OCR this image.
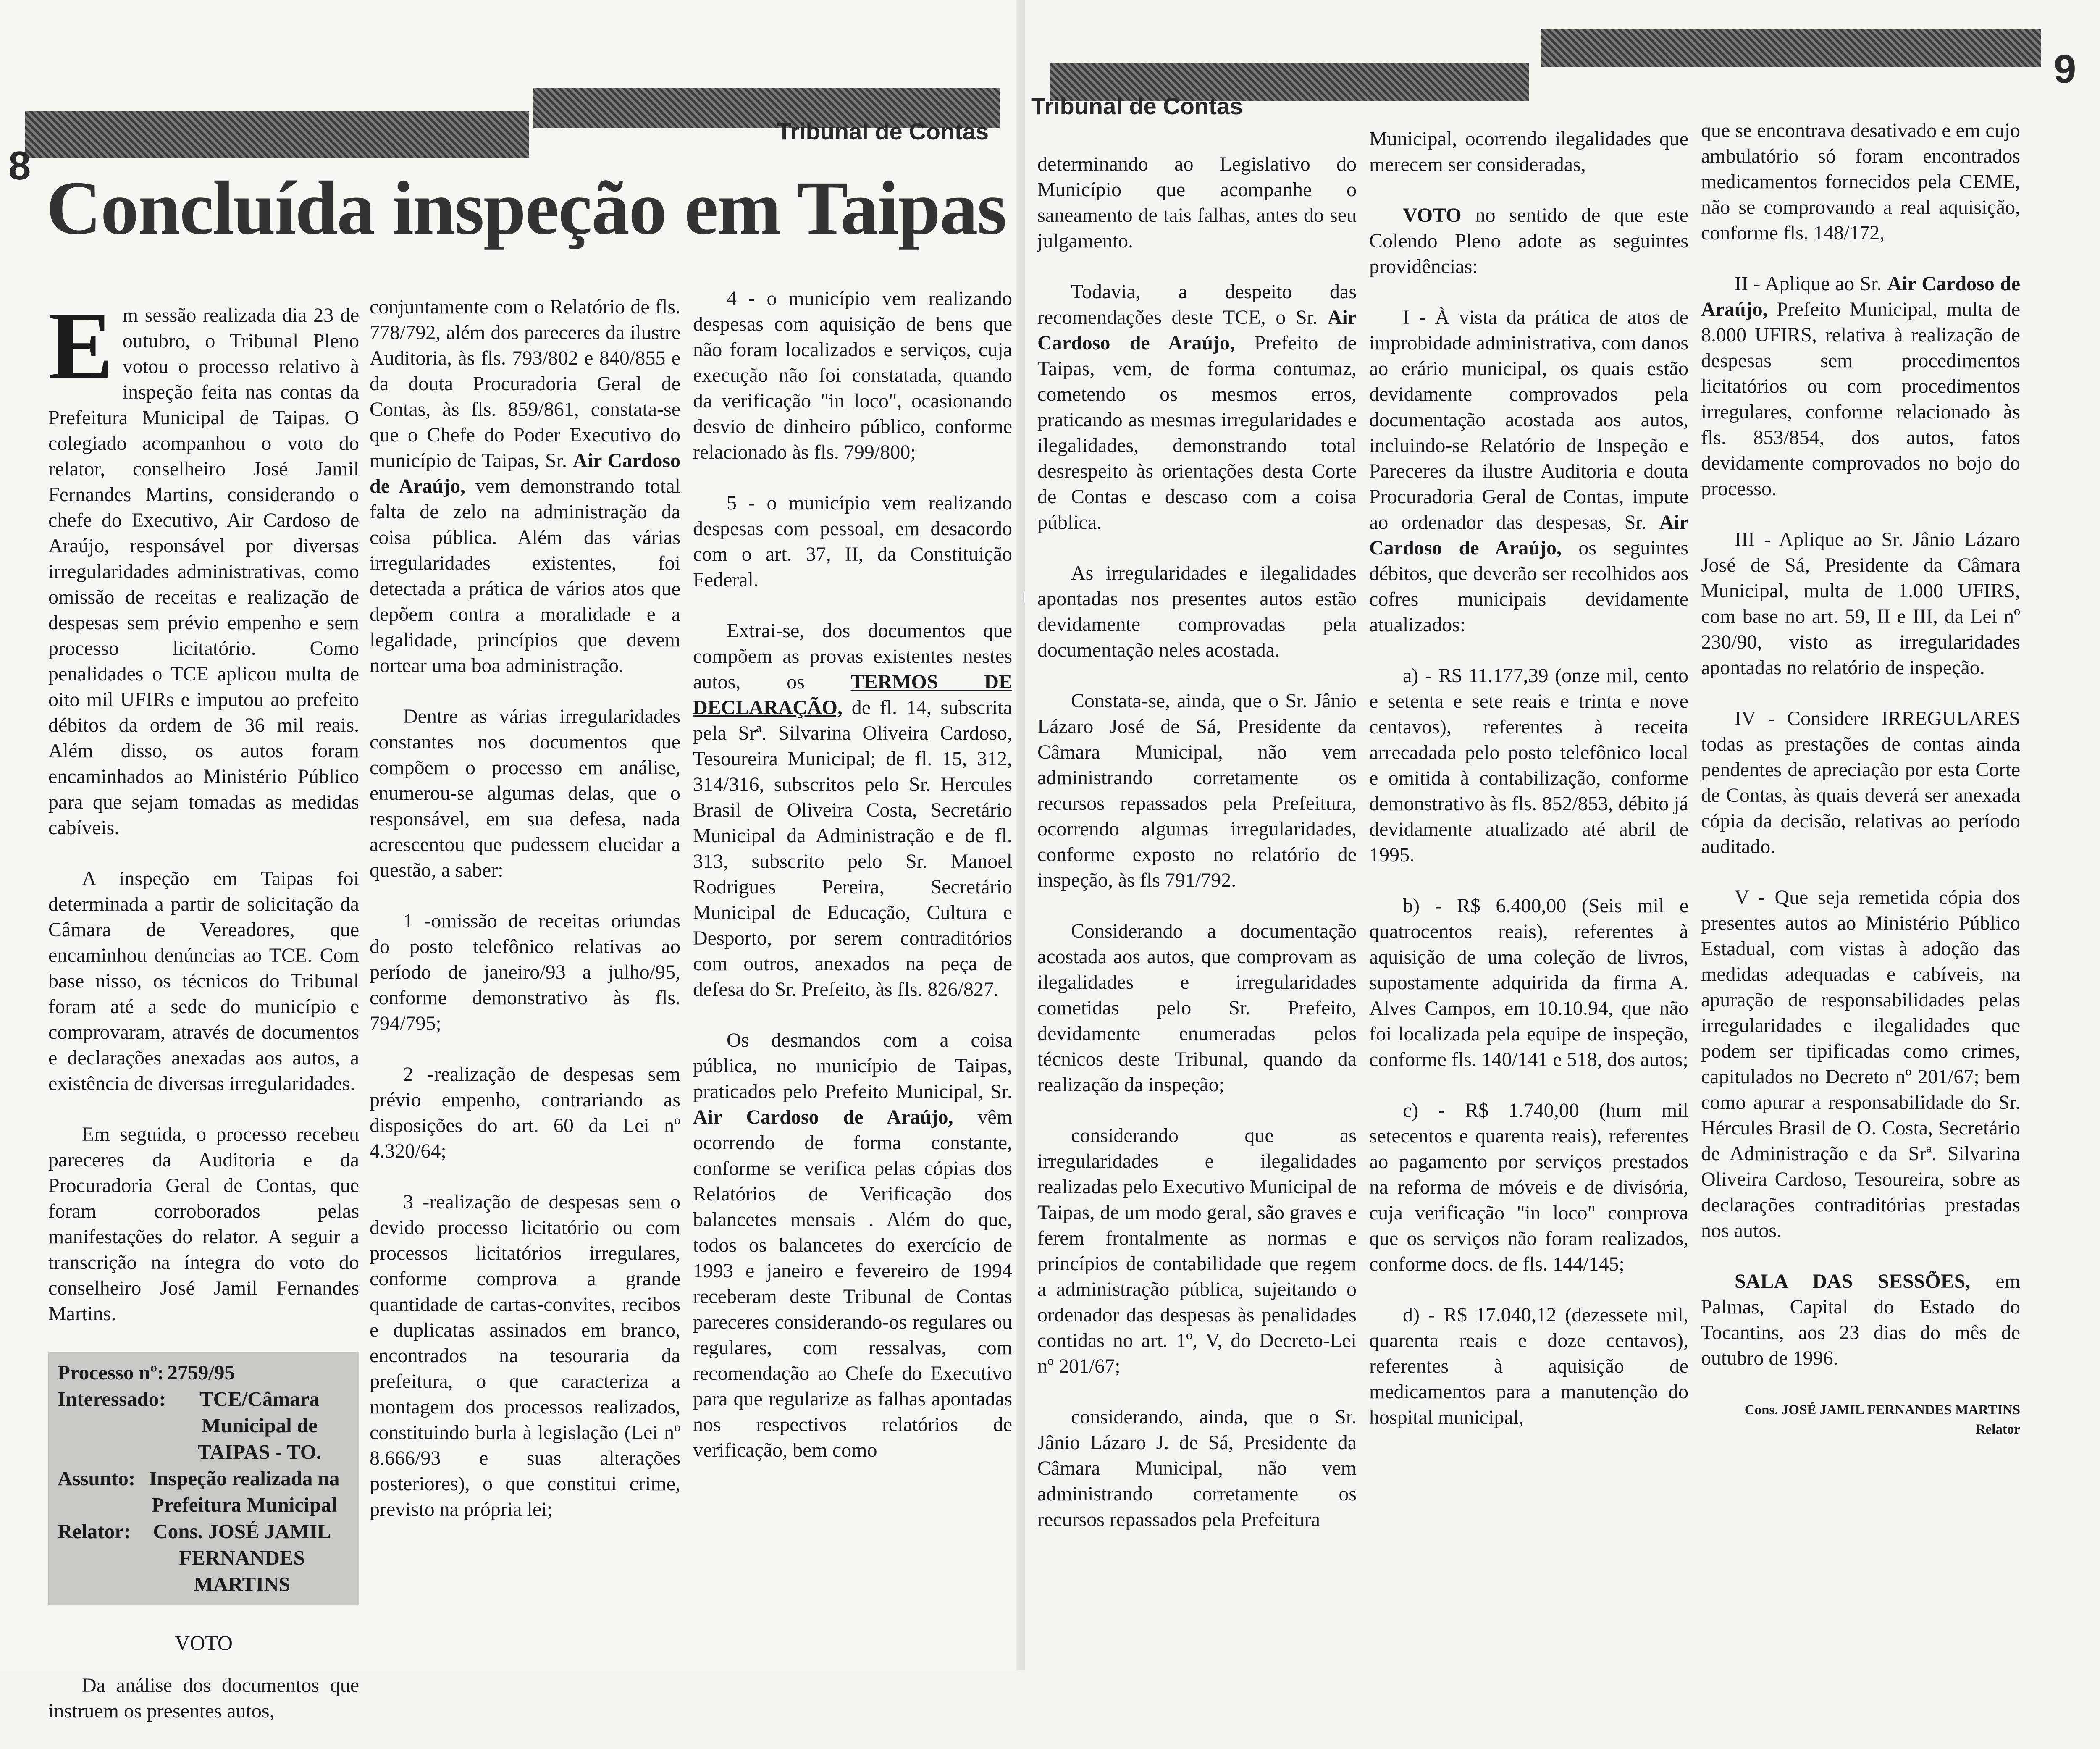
8
Tribunal de Contas
Concluída inspeção em Taipas

Em sessão realizada dia 23 de outubro, o Tribunal Pleno votou o processo relativo à inspeção feita nas contas da Prefeitura Municipal de Taipas. O colegiado acompanhou o voto do relator, conselheiro José Jamil Fernandes Martins, considerando o chefe do Executivo, Air Cardoso de Araújo, responsável por diversas irregularidades administrativas, como omissão de receitas e realização de despesas sem prévio empenho e sem processo licitatório. Como penalidades o TCE aplicou multa de oito mil UFIRs e imputou ao prefeito débitos da ordem de 36 mil reais. Além disso, os autos foram encaminhados ao Ministério Público para que sejam tomadas as medidas cabíveis.

A inspeção em Taipas foi determinada a partir de solicitação da Câmara de Vereadores, que encaminhou denúncias ao TCE. Com base nisso, os técnicos do Tribunal foram até a sede do município e comprovaram, através de documentos e declarações anexadas aos autos, a existência de diversas irregularidades.

Em seguida, o processo recebeu pareceres da Auditoria e da Procuradoria Geral de Contas, que foram corroborados pelas manifestações do relator. A seguir a transcrição na íntegra do voto do conselheiro José Jamil Fernandes Martins.

Processo nº: 2759/95
Interessado:	TCE/Câmara Municipal de TAIPAS - TO.
Assunto: Inspeção realizada na Prefeitura Municipal
Relator:	Cons. JOSÉ JAMIL FERNANDES MARTINS
VOTO

Da análise dos documentos que instruem os presentes autos,

conjuntamente com o Relatório de fls. 778/792, além dos pareceres da ilustre Auditoria, às fls. 793/802 e 840/855 e da douta Procuradoria Geral de Contas, às fls. 859/861, constata-se que o Chefe do Poder Executivo do município de Taipas, Sr. Air Cardoso de Araújo, vem demonstrando total falta de zelo na administração da coisa pública. Além das várias irregularidades existentes, foi detectada a prática de vários atos que depõem contra a moralidade e a legalidade, princípios que devem nortear uma boa administração.

Dentre as várias irregularidades constantes nos documentos que compõem o processo em análise, enumerou-se algumas delas, que o responsável, em sua defesa, nada acrescentou que pudessem elucidar a questão, a saber:

1 -omissão de receitas oriundas do posto telefônico relativas ao período de janeiro/93 a julho/95, conforme demonstrativo às fls. 794/795;

2 -realização de despesas sem prévio empenho, contrariando as disposições do art. 60 da Lei nº 4.320/64;

3 -realização de despesas sem o devido processo licitatório ou com processos licitatórios irregulares, conforme comprova a grande quantidade de cartas-convites, recibos e duplicatas assinados em branco, encontrados na tesouraria da prefeitura, o que caracteriza a montagem dos processos realizados, constituindo burla à legislação (Lei nº 8.666/93 e suas alterações posteriores), o que constitui crime, previsto na própria lei;

4 - o município vem realizando despesas com aquisição de bens que não foram localizados e serviços, cuja execução não foi constatada, quando da verificação "in loco", ocasionando desvio de dinheiro público, conforme relacionado às fls. 799/800;

5 - o município vem realizando despesas com pessoal, em desacordo com o art. 37, II, da Constituição Federal.

Extrai-se, dos documentos que compõem as provas existentes nestes autos, os TERMOS DE DECLARAÇÃO, de fl. 14, subscrita pela Srª. Silvarina Oliveira Cardoso, Tesoureira Municipal; de fl. 15, 312, 314/316, subscritos pelo Sr. Hercules Brasil de Oliveira Costa, Secretário Municipal da Administração e de fl. 313, subscrito pelo Sr. Manoel Rodrigues Pereira, Secretário Municipal de Educação, Cultura e Desporto, por serem contraditórios com outros, anexados na peça de defesa do Sr. Prefeito, às fls. 826/827.

Os desmandos com a coisa pública, no município de Taipas, praticados pelo Prefeito Municipal, Sr. Air Cardoso de Araújo, vêm ocorrendo de forma constante, conforme se verifica pelas cópias dos Relatórios de Verificação dos balancetes mensais . Além do que, todos os balancetes do exercício de 1993 e janeiro e fevereiro de 1994 receberam deste Tribunal de Contas pareceres considerando-os regulares ou regulares, com ressalvas, com recomendação ao Chefe do Executivo para que regularize as falhas apontadas nos respectivos relatórios de verificação, bem como

9
Tribunal de Contas

determinando ao Legislativo do Município que acompanhe o saneamento de tais falhas, antes do seu julgamento.

Todavia, a despeito das recomendações deste TCE, o Sr. Air Cardoso de Araújo, Prefeito de Taipas, vem, de forma contumaz, cometendo os mesmos erros, praticando as mesmas irregularidades e ilegalidades, demonstrando total desrespeito às orientações desta Corte de Contas e descaso com a coisa pública.

As irregularidades e ilegalidades apontadas nos presentes autos estão devidamente comprovadas pela documentação neles acostada.

Constata-se, ainda, que o Sr. Jânio Lázaro José de Sá, Presidente da Câmara Municipal, não vem administrando corretamente os recursos repassados pela Prefeitura, ocorrendo algumas irregularidades, conforme exposto no relatório de inspeção, às fls 791/792.

Considerando a documentação acostada aos autos, que comprovam as ilegalidades e irregularidades cometidas pelo Sr. Prefeito, devidamente enumeradas pelos técnicos deste Tribunal, quando da realização da inspeção;

considerando que as irregularidades e ilegalidades realizadas pelo Executivo Municipal de Taipas, de um modo geral, são graves e ferem frontalmente as normas e princípios de contabilidade que regem a administração pública, sujeitando o ordenador das despesas às penalidades contidas no art. 1º, V, do Decreto-Lei nº 201/67;

considerando, ainda, que o Sr. Jânio Lázaro J. de Sá, Presidente da Câmara Municipal, não vem administrando corretamente os recursos repassados pela Prefeitura

Municipal, ocorrendo ilegalidades que merecem ser consideradas,

VOTO no sentido de que este Colendo Pleno adote as seguintes providências:

I - À vista da prática de atos de improbidade administrativa, com danos ao erário municipal, os quais estão devidamente comprovados pela documentação acostada aos autos, incluindo-se Relatório de Inspeção e Pareceres da ilustre Auditoria e douta Procuradoria Geral de Contas, impute ao ordenador das despesas, Sr. Air Cardoso de Araújo, os seguintes débitos, que deverão ser recolhidos aos cofres municipais devidamente atualizados:

a) - R$ 11.177,39 (onze mil, cento e setenta e sete reais e trinta e nove centavos), referentes à receita arrecadada pelo posto telefônico local e omitida à contabilização, conforme demonstrativo às fls. 852/853, débito já devidamente atualizado até abril de 1995.

b) - R$ 6.400,00 (Seis mil e quatrocentos reais), referentes à aquisição de uma coleção de livros, supostamente adquirida da firma A. Alves Campos, em 10.10.94, que não foi localizada pela equipe de inspeção, conforme fls. 140/141 e 518, dos autos;

c) - R$ 1.740,00 (hum mil setecentos e quarenta reais), referentes ao pagamento por serviços prestados na reforma de móveis e de divisória, cuja verificação "in loco" comprova que os serviços não foram realizados, conforme docs. de fls. 144/145;

d) - R$ 17.040,12 (dezessete mil, quarenta reais e doze centavos), referentes à aquisição de medicamentos para a manutenção do hospital municipal,

que se encontrava desativado e em cujo ambulatório só foram encontrados medicamentos fornecidos pela CEME, não se comprovando a real aquisição, conforme fls. 148/172,

II - Aplique ao Sr. Air Cardoso de Araújo, Prefeito Municipal, multa de 8.000 UFIRS, relativa à realização de despesas sem procedimentos licitatórios ou com procedimentos irregulares, conforme relacionado às fls. 853/854, dos autos, fatos devidamente comprovados no bojo do processo.

III - Aplique ao Sr. Jânio Lázaro José de Sá, Presidente da Câmara Municipal, multa de 1.000 UFIRS, com base no art. 59, II e III, da Lei nº 230/90, visto as irregularidades apontadas no relatório de inspeção.

IV - Considere IRREGULARES todas as prestações de contas ainda pendentes de apreciação por esta Corte de Contas, às quais deverá ser anexada cópia da decisão, relativas ao período auditado.

V - Que seja remetida cópia dos presentes autos ao Ministério Público Estadual, com vistas à adoção das medidas adequadas e cabíveis, na apuração de responsabilidades pelas irregularidades e ilegalidades que podem ser tipificadas como crimes, capitulados no Decreto nº 201/67; bem como apurar a responsabilidade do Sr. Hércules Brasil de O. Costa, Secretário de Administração e da Srª. Silvarina Oliveira Cardoso, Tesoureira, sobre as declarações contraditórias prestadas nos autos.

SALA DAS SESSÕES, em Palmas, Capital do Estado do Tocantins, aos 23 dias do mês de outubro de 1996.

Cons. JOSÉ JAMIL FERNANDES MARTINS
Relator
